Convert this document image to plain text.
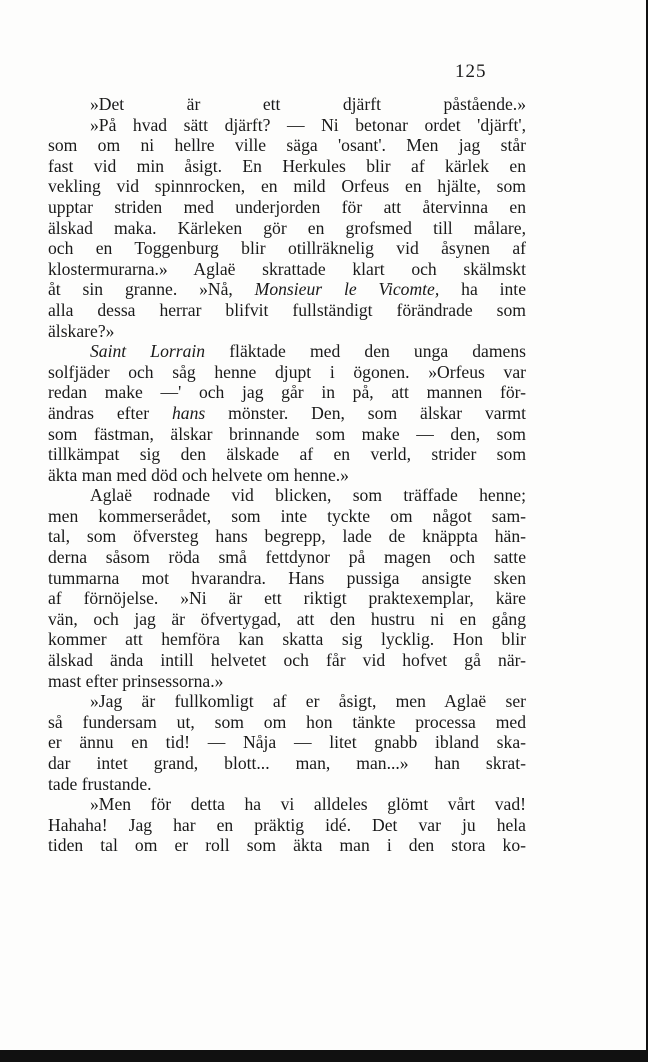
125
»Det är ett djärft påstående.»
»På hvad sätt djärft? — Ni betonar ordet 'djärft',
som om ni hellre ville säga 'osant'. Men jag står
fast vid min åsigt. En Herkules blir af kärlek en
vekling vid spinnrocken, en mild Orfeus en hjälte, som
upptar striden med underjorden för att återvinna en
älskad maka. Kärleken gör en grofsmed till målare,
och en Toggenburg blir otillräknelig vid åsynen af
klostermurarna.» Aglaë skrattade klart och skälmskt
åt sin granne. »Nå, Monsieur le Vicomte, ha inte
alla dessa herrar blifvit fullständigt förändrade som
älskare?»
Saint Lorrain fläktade med den unga damens
solfjäder och såg henne djupt i ögonen. »Orfeus var
redan make —' och jag går in på, att mannen för-
ändras efter hans mönster. Den, som älskar varmt
som fästman, älskar brinnande som make — den, som
tillkämpat sig den älskade af en verld, strider som
äkta man med död och helvete om henne.»
Aglaë rodnade vid blicken, som träffade henne;
men kommerserådet, som inte tyckte om något sam-
tal, som öfversteg hans begrepp, lade de knäppta hän-
derna såsom röda små fettdynor på magen och satte
tummarna mot hvarandra. Hans pussiga ansigte sken
af förnöjelse. »Ni är ett riktigt praktexemplar, käre
vän, och jag är öfvertygad, att den hustru ni en gång
kommer att hemföra kan skatta sig lycklig. Hon blir
älskad ända intill helvetet och får vid hofvet gå när-
mast efter prinsessorna.»
»Jag är fullkomligt af er åsigt, men Aglaë ser
så fundersam ut, som om hon tänkte processa med
er ännu en tid! — Nåja — litet gnabb ibland ska-
dar intet grand, blott... man, man...» han skrat-
tade frustande.
»Men för detta ha vi alldeles glömt vårt vad!
Hahaha! Jag har en präktig idé. Det var ju hela
tiden tal om er roll som äkta man i den stora ko-
